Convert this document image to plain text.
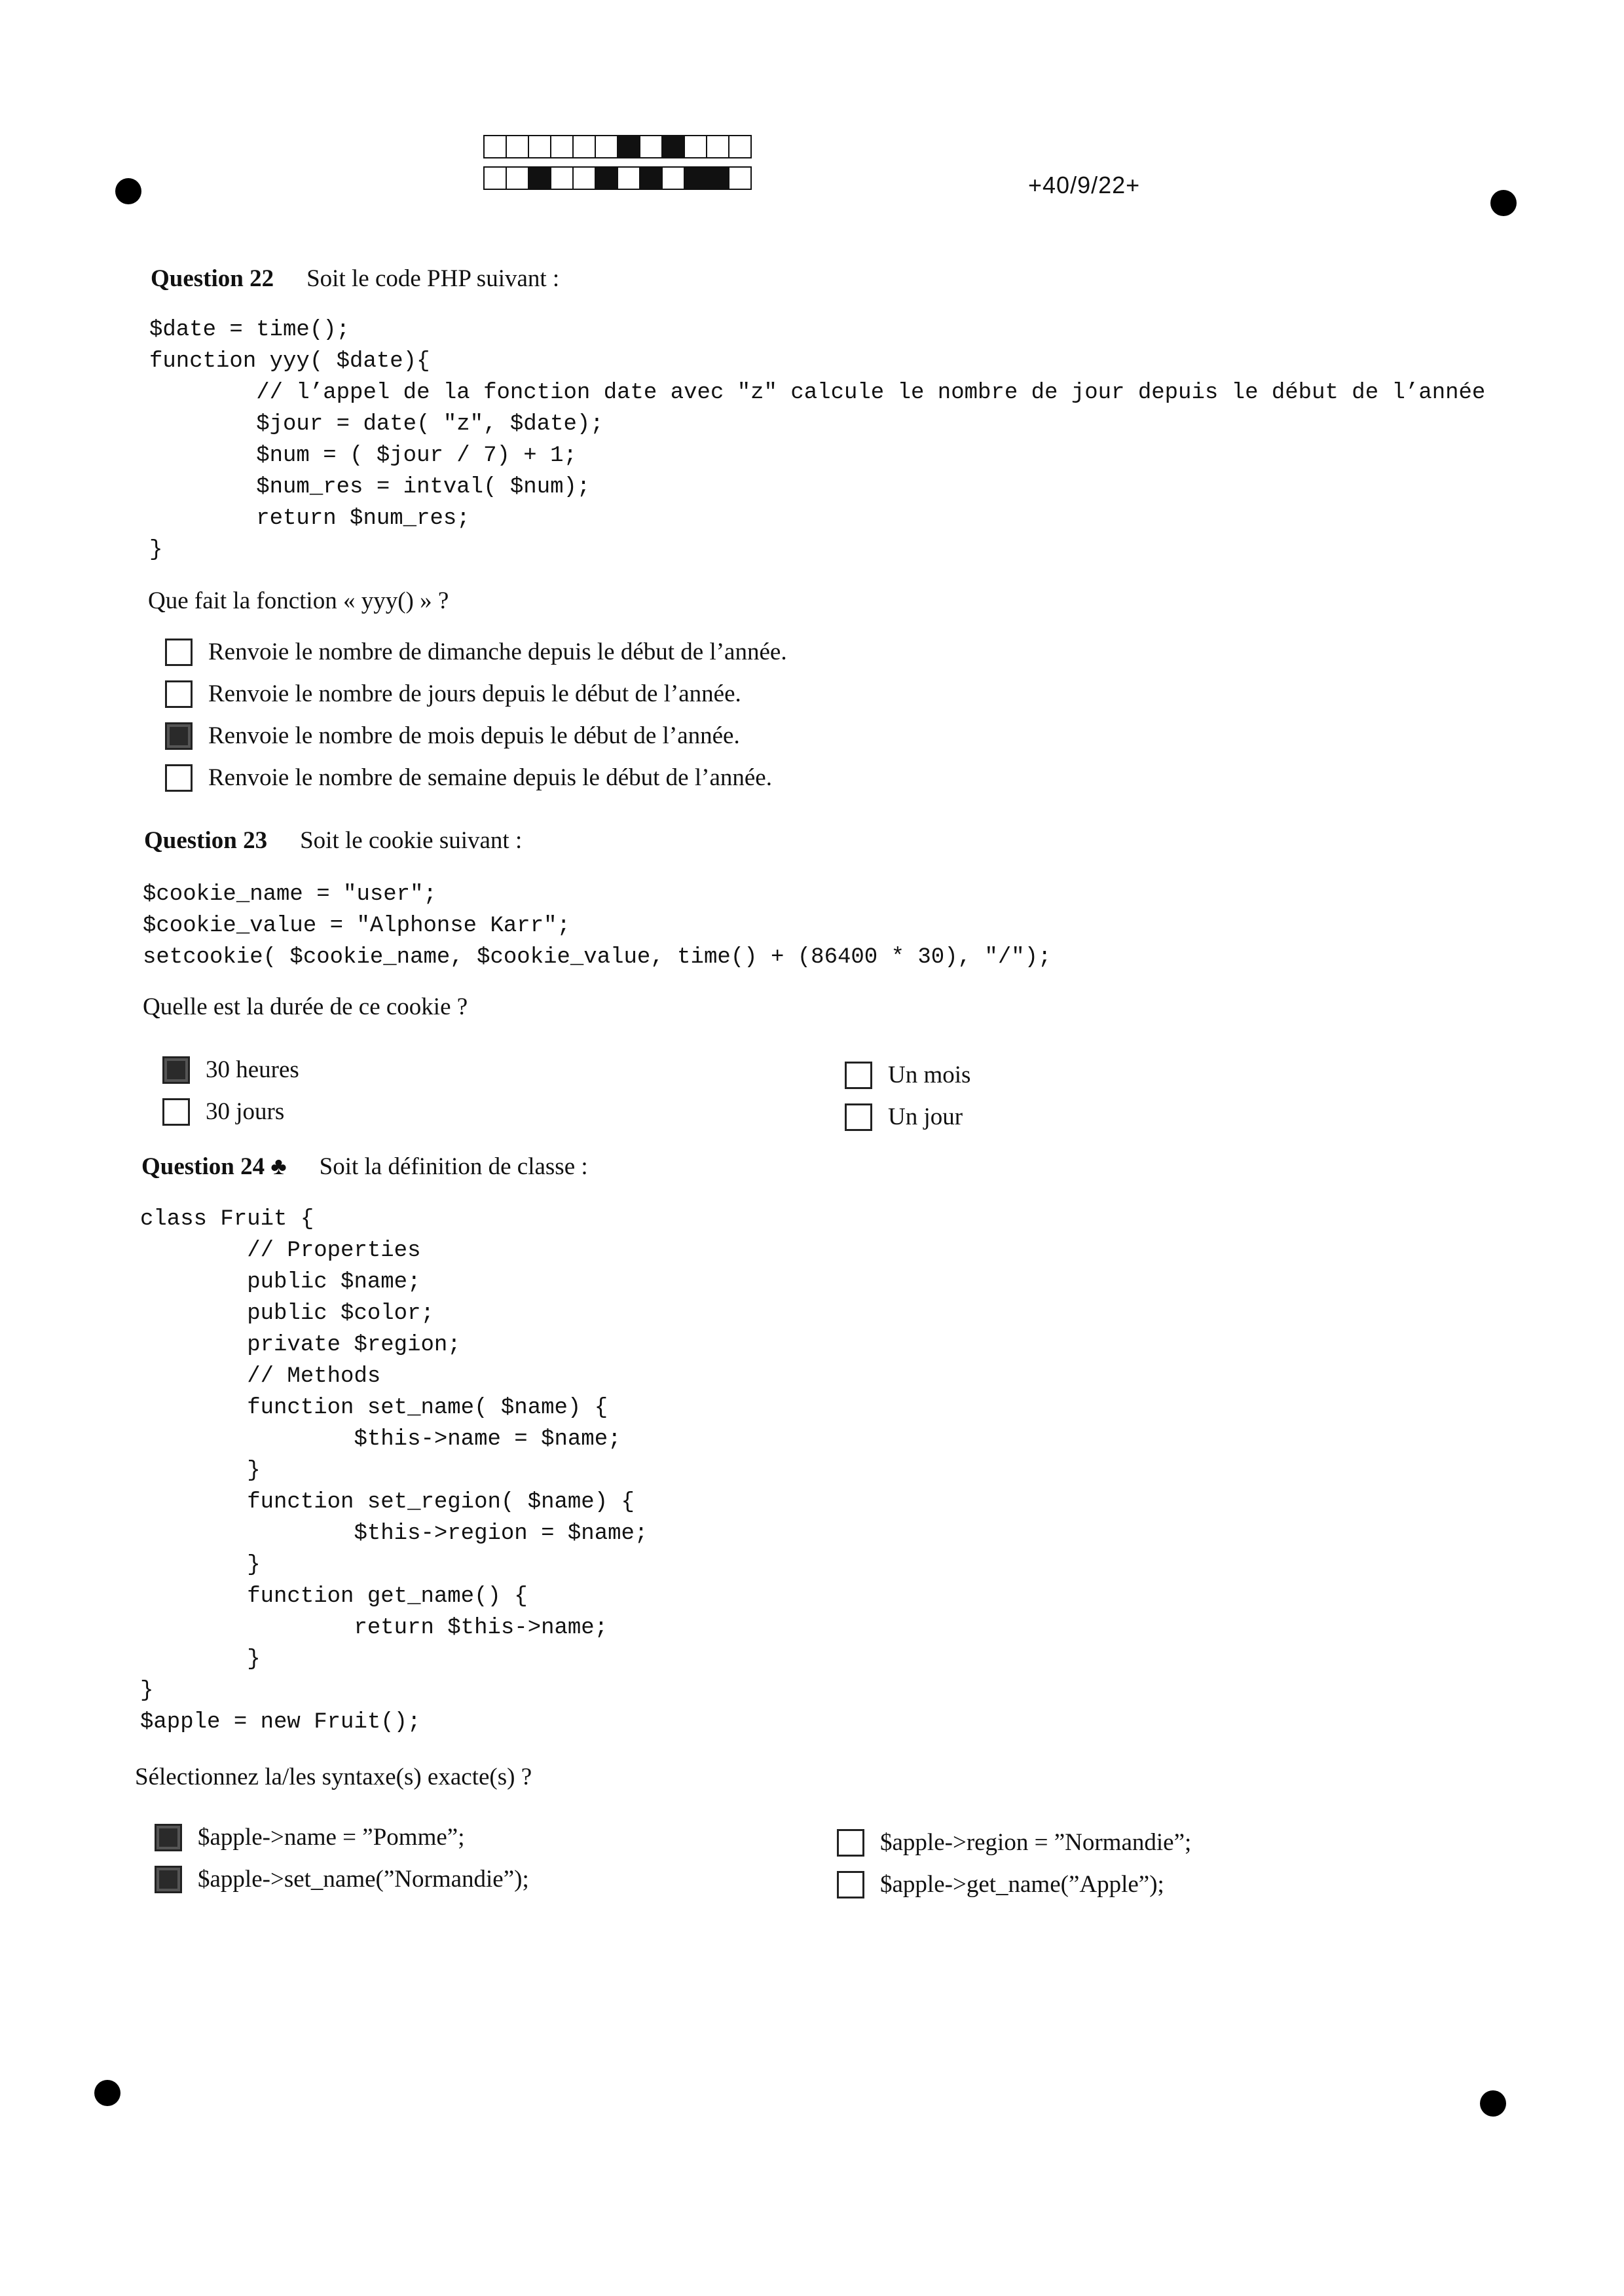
+40/9/22+
Question 22 Soit le code PHP suivant :
$date = time();
function yyy( $date){
// l’appel de la fonction date avec "z" calcule le nombre de jour depuis le début de l’année
$jour = date( "z", $date);
$num = ( $jour / 7) + 1;
$num_res = intval( $num);
return $num_res;
}
Que fait la fonction « yyy() » ?
Renvoie le nombre de dimanche depuis le début de l’année.
Renvoie le nombre de jours depuis le début de l’année.
Renvoie le nombre de mois depuis le début de l’année.
Renvoie le nombre de semaine depuis le début de l’année.
Question 23 Soit le cookie suivant :
$cookie_name = "user";
$cookie_value = "Alphonse Karr";
setcookie( $cookie_name, $cookie_value, time() + (86400 * 30), "/");
Quelle est la durée de ce cookie ?
30 heures
30 jours
Un mois
Un jour
Question 24 ♣ Soit la définition de classe :
class Fruit {
// Properties
public $name;
public $color;
private $region;
// Methods
function set_name( $name) {
$this->name = $name;
}
function set_region( $name) {
$this->region = $name;
}
function get_name() {
return $this->name;
}
}
$apple = new Fruit();
Sélectionnez la/les syntaxe(s) exacte(s) ?
$apple->name = ”Pomme”;
$apple->set_name(”Normandie”);
$apple->region = ”Normandie”;
$apple->get_name(”Apple”);
